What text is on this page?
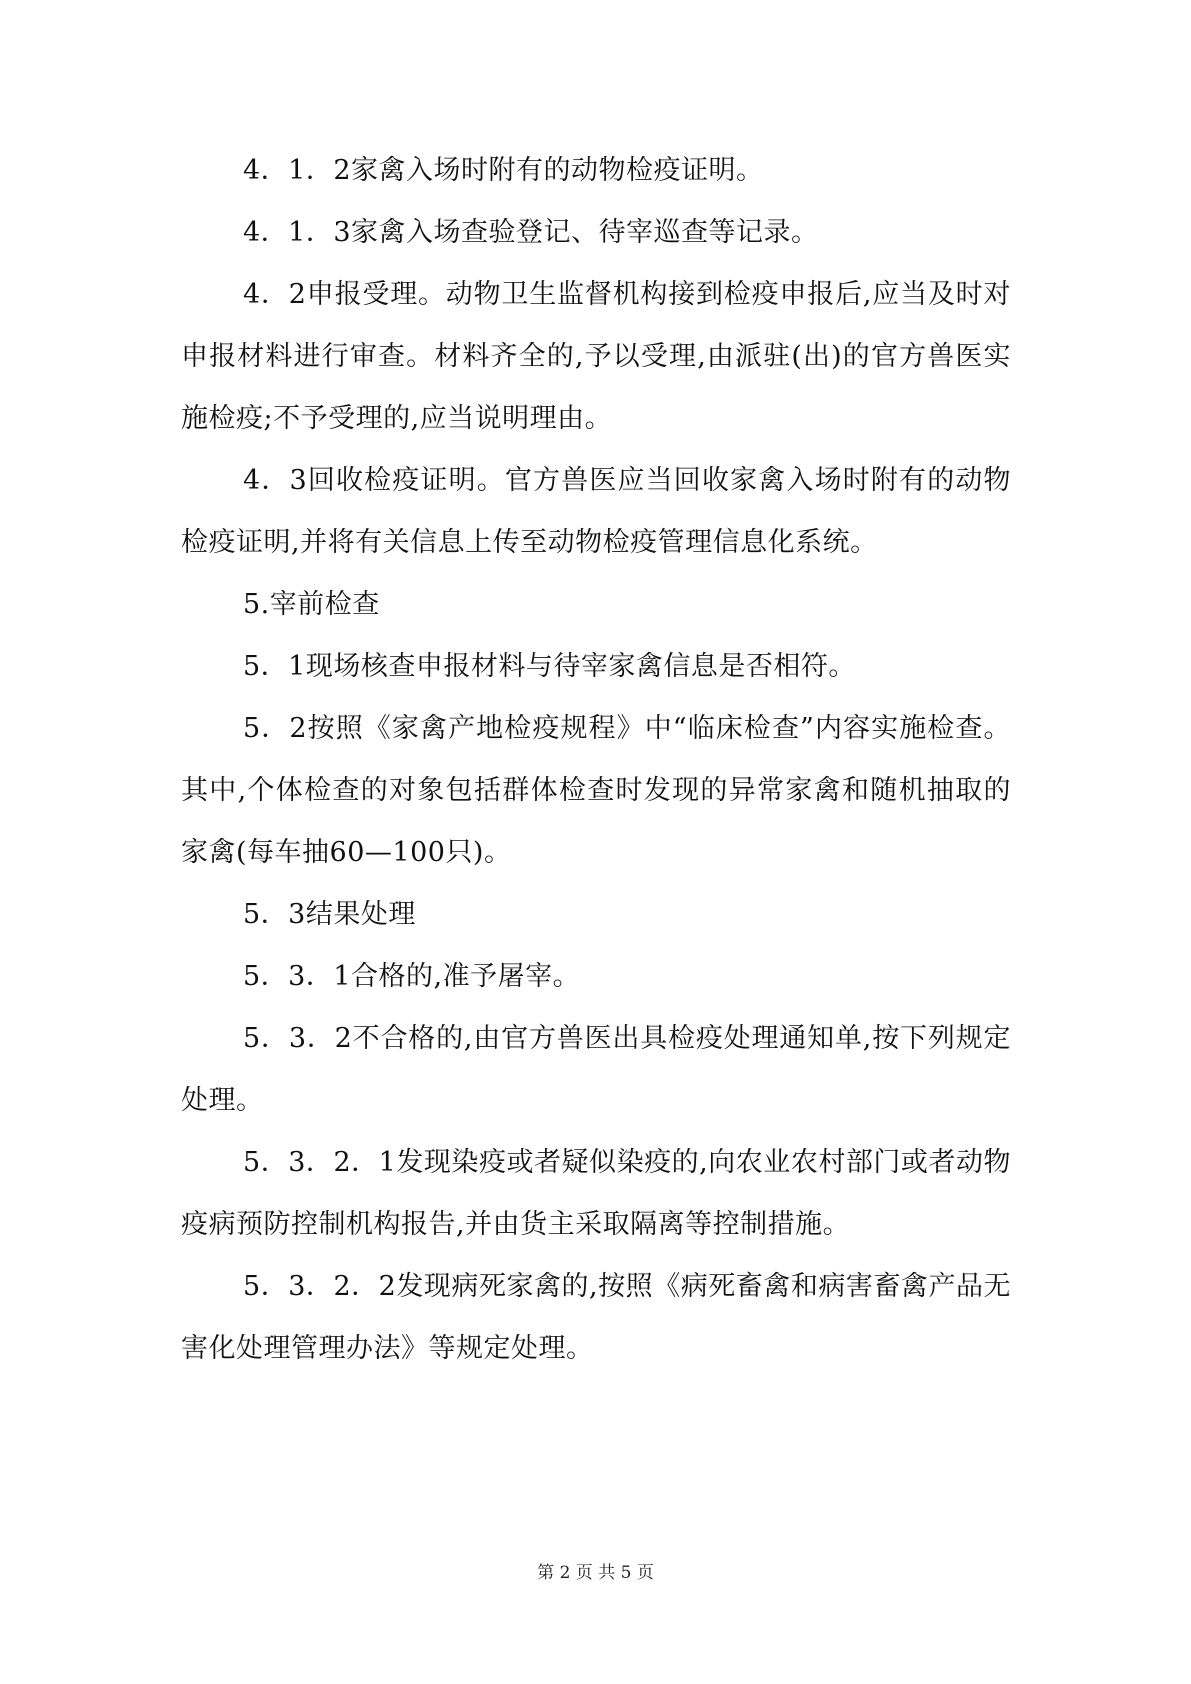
4．1．2家禽入场时附有的动物检疫证明。

4．1．3家禽入场查验登记、待宰巡查等记录。

4．2申报受理。动物卫生监督机构接到检疫申报后,应当及时对申报材料进行审查。材料齐全的,予以受理,由派驻(出)的官方兽医实施检疫;不予受理的,应当说明理由。

4．3回收检疫证明。官方兽医应当回收家禽入场时附有的动物检疫证明,并将有关信息上传至动物检疫管理信息化系统。

5.宰前检查

5．1现场核查申报材料与待宰家禽信息是否相符。

5．2按照《家禽产地检疫规程》中“临床检查”内容实施检查。其中,个体检查的对象包括群体检查时发现的异常家禽和随机抽取的家禽(每车抽60—100只)。

5．3结果处理

5．3．1合格的,准予屠宰。

5．3．2不合格的,由官方兽医出具检疫处理通知单,按下列规定处理。

5．3．2．1发现染疫或者疑似染疫的,向农业农村部门或者动物疫病预防控制机构报告,并由货主采取隔离等控制措施。

5．3．2．2发现病死家禽的,按照《病死畜禽和病害畜禽产品无害化处理管理办法》等规定处理。

第 2 页 共 5 页
